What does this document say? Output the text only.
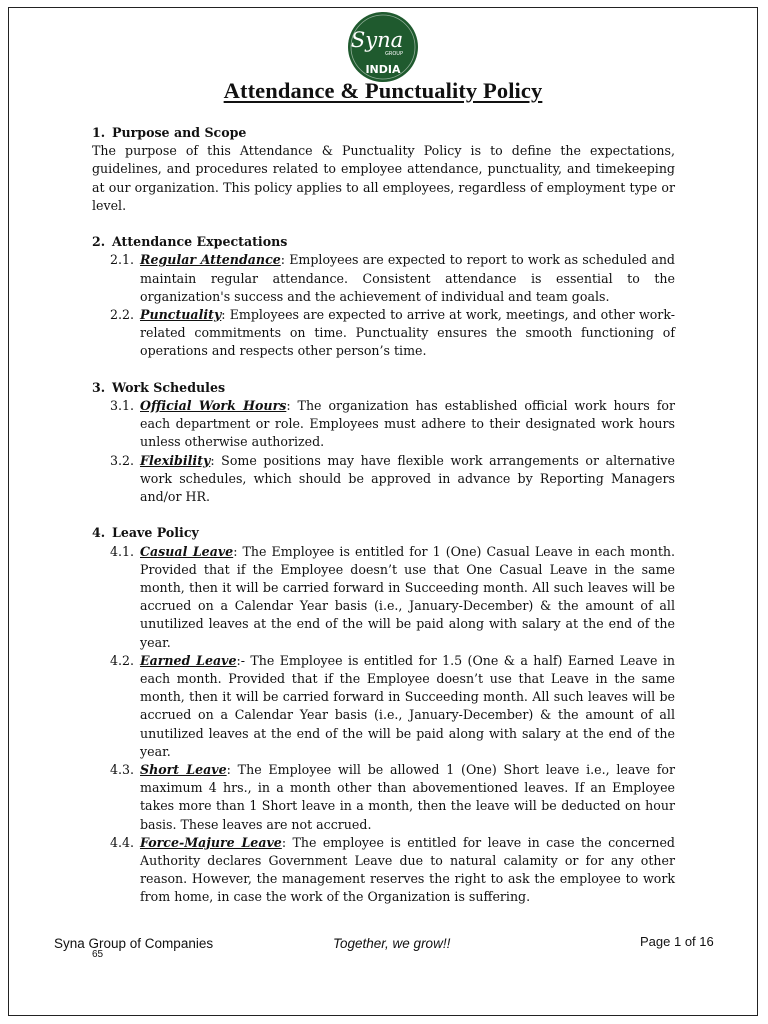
Syna
GROUP
INDIA
Attendance & Punctuality Policy
1. Purpose and Scope

The purpose of this Attendance & Punctuality Policy is to define the expectations, guidelines, and procedures related to employee attendance, punctuality, and timekeeping at our organization. This policy applies to all employees, regardless of employment type or level.

2. Attendance Expectations
2.1. Regular Attendance: Employees are expected to report to work as scheduled and maintain regular attendance. Consistent attendance is essential to the organization's success and the achievement of individual and team goals.
2.2. Punctuality: Employees are expected to arrive at work, meetings, and other work-related commitments on time. Punctuality ensures the smooth functioning of operations and respects other person’s time.
3. Work Schedules
3.1. Official Work Hours: The organization has established official work hours for each department or role. Employees must adhere to their designated work hours unless otherwise authorized.
3.2. Flexibility: Some positions may have flexible work arrangements or alternative work schedules, which should be approved in advance by Reporting Managers and/or HR.
4. Leave Policy
4.1. Casual Leave: The Employee is entitled for 1 (One) Casual Leave in each month. Provided that if the Employee doesn’t use that One Casual Leave in the same month, then it will be carried forward in Succeeding month. All such leaves will be accrued on a Calendar Year basis (i.e., January-December) & the amount of all unutilized leaves at the end of the will be paid along with salary at the end of the year.
4.2. Earned Leave:- The Employee is entitled for 1.5 (One & a half) Earned Leave in each month. Provided that if the Employee doesn’t use that Leave in the same month, then it will be carried forward in Succeeding month. All such leaves will be accrued on a Calendar Year basis (i.e., January-December) & the amount of all unutilized leaves at the end of the will be paid along with salary at the end of the year.
4.3. Short Leave: The Employee will be allowed 1 (One) Short leave i.e., leave for maximum 4 hrs., in a month other than abovementioned leaves. If an Employee takes more than 1 Short leave in a month, then the leave will be deducted on hour basis. These leaves are not accrued.
4.4. Force-Majure Leave: The employee is entitled for leave in case the concerned Authority declares Government Leave due to natural calamity or for any other reason. However, the management reserves the right to ask the employee to work from home, in case the work of the Organization is suffering.
Syna Group of Companies	Together, we grow!!	Page 1 of 16
65
